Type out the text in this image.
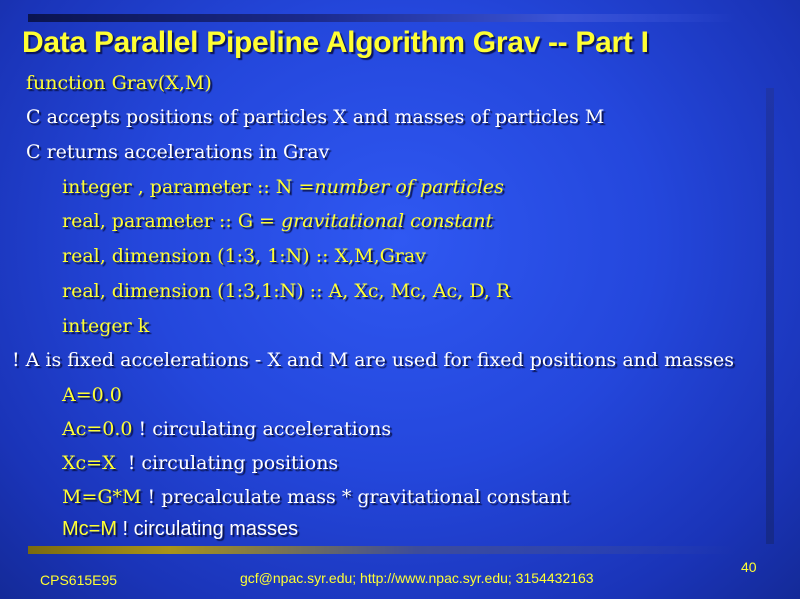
Data Parallel Pipeline Algorithm Grav -- Part I
function Grav(X,M)
C accepts positions of particles X and masses of particles M
C returns accelerations in Grav
integer , parameter :: N =number of particles
real, parameter :: G = gravitational constant
real, dimension (1:3, 1:N) :: X,M,Grav
real, dimension (1:3,1:N) :: A, Xc, Mc, Ac, D, R
integer k
! A is fixed accelerations - X and M are used for fixed positions and masses
A=0.0
Ac=0.0 ! circulating accelerations
Xc=X  ! circulating positions
M=G*M ! precalculate mass * gravitational constant
Mc=M ! circulating masses
CPS615E95	gcf@npac.syr.edu; http://www.npac.syr.edu; 3154432163
40
